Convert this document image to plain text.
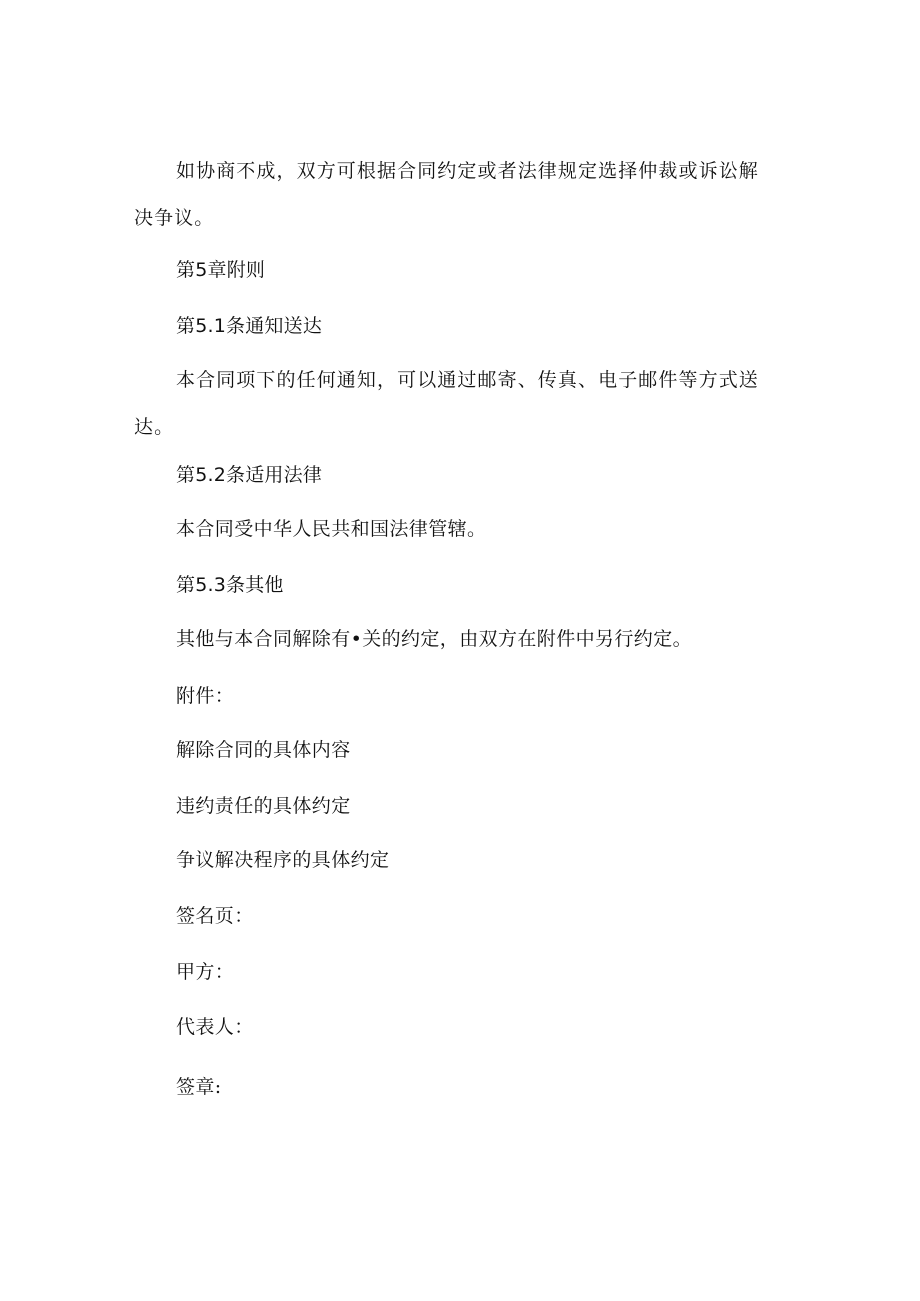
如协商不成，双方可根据合同约定或者法律规定选择仲裁或诉讼解决争议。
第5章附则
第5.1条通知送达
本合同项下的任何通知，可以通过邮寄、传真、电子邮件等方式送达。
第5.2条适用法律
本合同受中华人民共和国法律管辖。
第5.3条其他
其他与本合同解除有•关的约定，由双方在附件中另行约定。
附件：
解除合同的具体内容
违约责任的具体约定
争议解决程序的具体约定
签名页：
甲方：
代表人：
签章:
